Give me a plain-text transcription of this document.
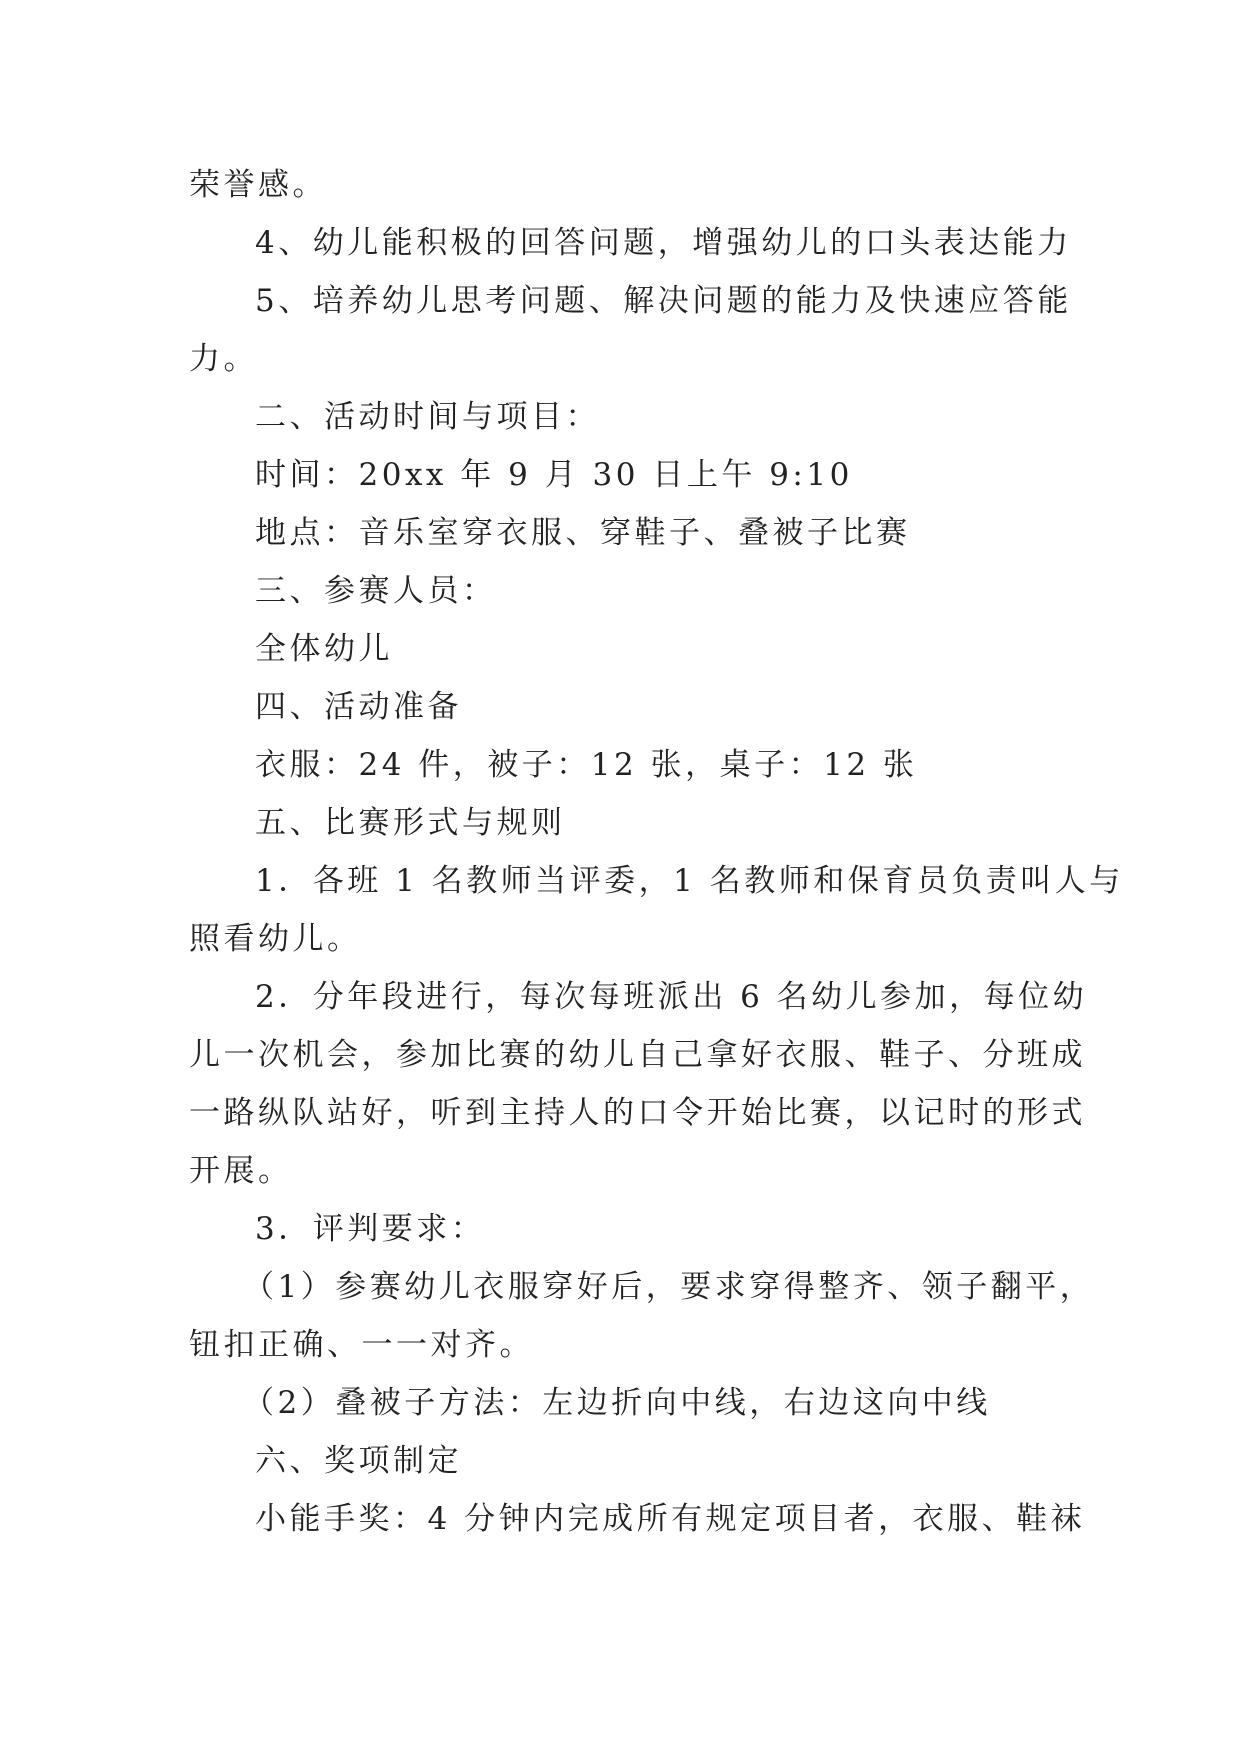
荣誉感。
4、幼儿能积极的回答问题，增强幼儿的口头表达能力
5、培养幼儿思考问题、解决问题的能力及快速应答能
力。
二、活动时间与项目：
时间：20xx 年 9 月 30 日上午 9:10
地点：音乐室穿衣服、穿鞋子、叠被子比赛
三、参赛人员：
全体幼儿
四、活动准备
衣服：24 件，被子：12 张，桌子：12 张
五、比赛形式与规则
1．各班 1 名教师当评委，1 名教师和保育员负责叫人与
照看幼儿。
2．分年段进行，每次每班派出 6 名幼儿参加，每位幼
儿一次机会，参加比赛的幼儿自己拿好衣服、鞋子、分班成
一路纵队站好，听到主持人的口令开始比赛，以记时的形式
开展。
3．评判要求：
（1）参赛幼儿衣服穿好后，要求穿得整齐、领子翻平，
钮扣正确、一一对齐。
（2）叠被子方法：左边折向中线，右边这向中线
六、奖项制定
小能手奖：4 分钟内完成所有规定项目者，衣服、鞋袜
